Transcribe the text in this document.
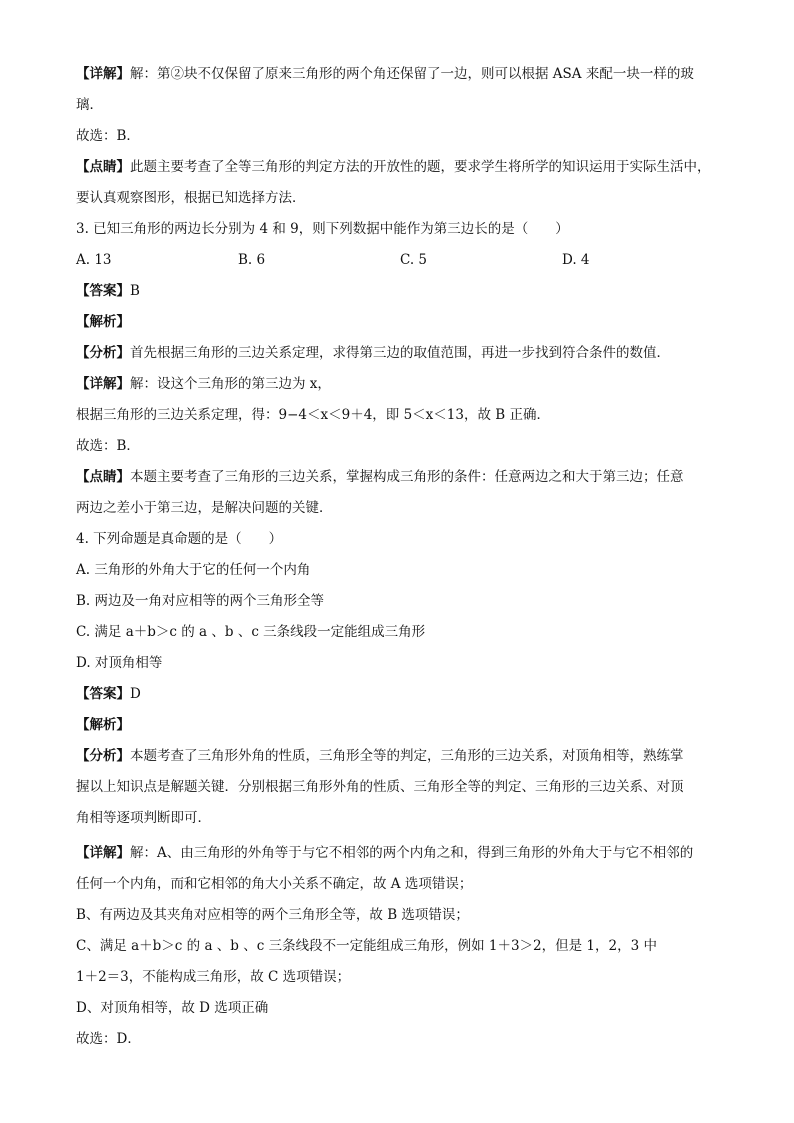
【详解】解：第②块不仅保留了原来三角形的两个角还保留了一边，则可以根据 ASA 来配一块一样的玻
璃．
故选：B．
【点睛】此题主要考查了全等三角形的判定方法的开放性的题，要求学生将所学的知识运用于实际生活中，
要认真观察图形，根据已知选择方法．
3. 已知三角形的两边长分别为 4 和 9，则下列数据中能作为第三边长的是（　　）
A. 13	B. 6	C. 5	D. 4
【答案】B
【解析】
【分析】首先根据三角形的三边关系定理，求得第三边的取值范围，再进一步找到符合条件的数值．
【详解】解：设这个三角形的第三边为 x，
根据三角形的三边关系定理，得：9−4＜x＜9＋4，即 5＜x＜13，故 B 正确．
故选：B．
【点睛】本题主要考查了三角形的三边关系，掌握构成三角形的条件：任意两边之和大于第三边；任意
两边之差小于第三边，是解决问题的关键．
4. 下列命题是真命题的是（　　）
A. 三角形的外角大于它的任何一个内角
B. 两边及一角对应相等的两个三角形全等
C. 满足 a＋b＞c 的 a 、b 、c 三条线段一定能组成三角形
D. 对顶角相等
【答案】D
【解析】
【分析】本题考查了三角形外角的性质，三角形全等的判定，三角形的三边关系，对顶角相等，熟练掌
握以上知识点是解题关键．分别根据三角形外角的性质、三角形全等的判定、三角形的三边关系、对顶
角相等逐项判断即可．
【详解】解：A、由三角形的外角等于与它不相邻的两个内角之和，得到三角形的外角大于与它不相邻的
任何一个内角，而和它相邻的角大小关系不确定，故 A 选项错误；
B、有两边及其夹角对应相等的两个三角形全等，故 B 选项错误；
C、满足 a＋b＞c 的 a 、b 、c 三条线段不一定能组成三角形，例如 1＋3＞2，但是 1，2，3 中
1＋2＝3，不能构成三角形，故 C 选项错误；
D、对顶角相等，故 D 选项正确
故选：D．
